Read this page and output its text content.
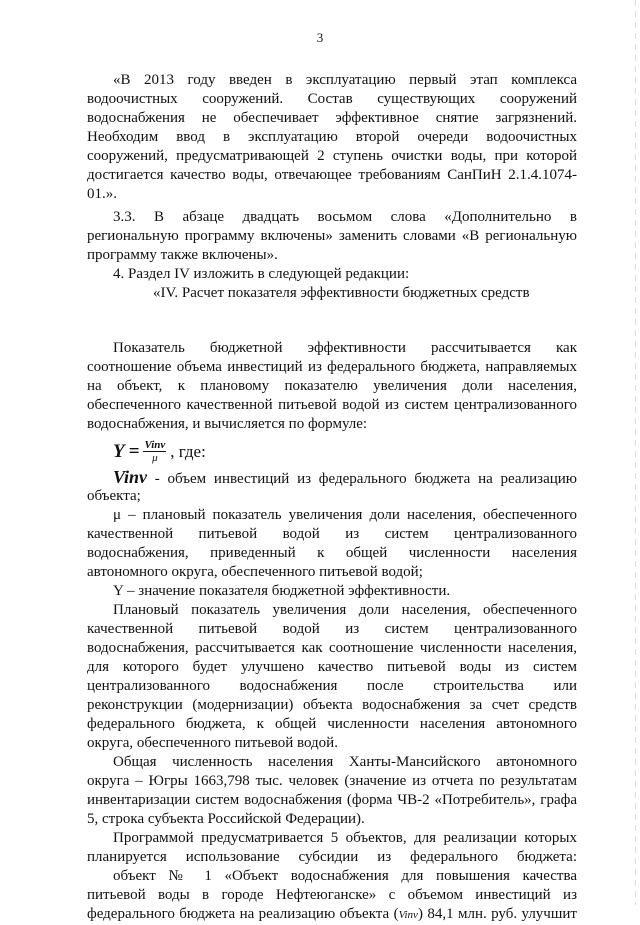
3
«В 2013 году введен в эксплуатацию первый этап комплекса
водоочистных сооружений. Состав существующих сооружений
водоснабжения не обеспечивает эффективное снятие загрязнений.
Необходим ввод в эксплуатацию второй очереди водоочистных
сооружений, предусматривающей 2 ступень очистки воды, при которой
достигается качество воды, отвечающее требованиям СанПиН 2.1.4.1074-
01.».
3.3. В абзаце двадцать восьмом слова «Дополнительно в
региональную программу включены» заменить словами «В региональную
программу также включены».
4. Раздел IV изложить в следующей редакции:
«IV. Расчет показателя эффективности бюджетных средств
Показатель бюджетной эффективности рассчитывается как
соотношение объема инвестиций из федерального бюджета, направляемых
на объект, к плановому показателю увеличения доли населения,
обеспеченного качественной питьевой водой из систем централизованного
водоснабжения, и вычисляется по формуле:
$Y = \frac{\text{Vinv}}{\mu}$ , где:
Vinv - объем инвестиций из федерального бюджета на реализацию
объекта;
μ – плановый показатель увеличения доли населения, обеспеченного
качественной питьевой водой из систем централизованного
водоснабжения, приведенный к общей численности населения
автономного округа, обеспеченного питьевой водой;
Y – значение показателя бюджетной эффективности.
Плановый показатель увеличения доли населения, обеспеченного
качественной питьевой водой из систем централизованного
водоснабжения, рассчитывается как соотношение численности населения,
для которого будет улучшено качество питьевой воды из систем
централизованного водоснабжения после строительства или
реконструкции (модернизации) объекта водоснабжения за счет средств
федерального бюджета, к общей численности населения автономного
округа, обеспеченного питьевой водой.
Общая численность населения Ханты-Мансийского автономного
округа – Югры 1663,798 тыс. человек (значение из отчета по результатам
инвентаризации систем водоснабжения (форма ЧВ-2 «Потребитель», графа
5, строка субъекта Российской Федерации).
Программой предусматривается 5 объектов, для реализации которых
планируется использование субсидии из федерального бюджета:
объект № 1 «Объект водоснабжения для повышения качества
питьевой воды в городе Нефтеюганске» с объемом инвестиций из
федерального бюджета на реализацию объекта (Vinv) 84,1 млн. руб. улучшит
